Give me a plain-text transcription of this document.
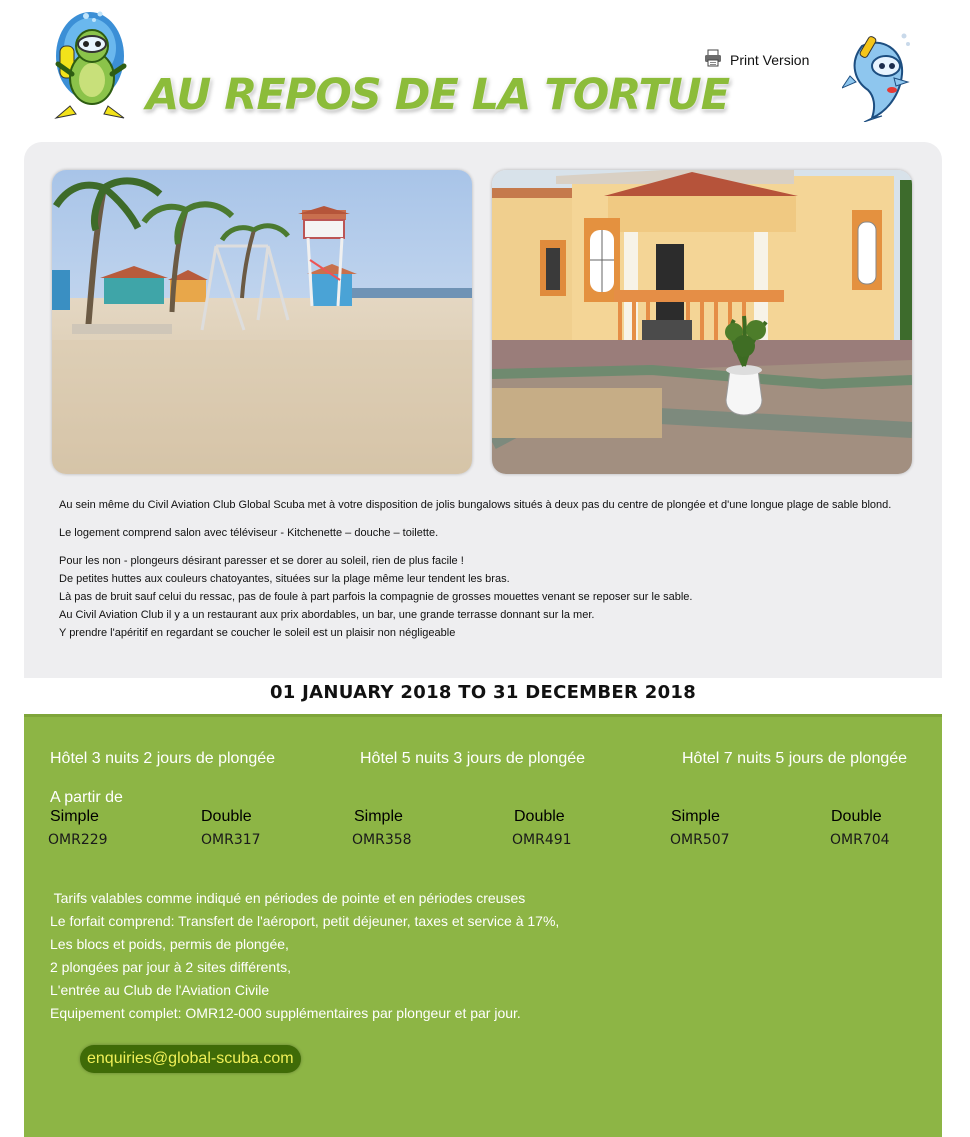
AU REPOS DE LA TORTUE
Print Version

Au sein même du Civil Aviation Club Global Scuba met à votre disposition de jolis bungalows situés à deux pas du centre de plongée et d'une longue plage de sable blond.

Le logement comprend salon avec téléviseur - Kitchenette – douche – toilette.

Pour les non - plongeurs désirant paresser et se dorer au soleil, rien de plus facile !
De petites huttes aux couleurs chatoyantes, situées sur la plage même leur tendent les bras.
Là pas de bruit sauf celui du ressac, pas de foule à part parfois la compagnie de grosses mouettes venant se reposer sur le sable.
Au Civil Aviation Club il y a un restaurant aux prix abordables, un bar, une grande terrasse donnant sur la mer.
Y prendre l'apéritif en regardant se coucher le soleil est un plaisir non négligeable
01 JANUARY 2018 TO 31 DECEMBER 2018
Hôtel 3 nuits 2 jours de plongée	Hôtel 5 nuits 3 jours de plongée	Hôtel 7 nuits 5 jours de plongée
A partir de
Simple	Double	Simple	Double	Simple	Double
OMR229	OMR317	OMR358	OMR491	OMR507	OMR704
Tarifs valables comme indiqué en périodes de pointe et en périodes creuses
Le forfait comprend: Transfert de l'aéroport, petit déjeuner, taxes et service à 17%,
Les blocs et poids, permis de plongée,
2 plongées par jour à 2 sites différents,
L'entrée au Club de l'Aviation Civile
Equipement complet: OMR12-000 supplémentaires par plongeur et par jour.
enquiries@global-scuba.com
